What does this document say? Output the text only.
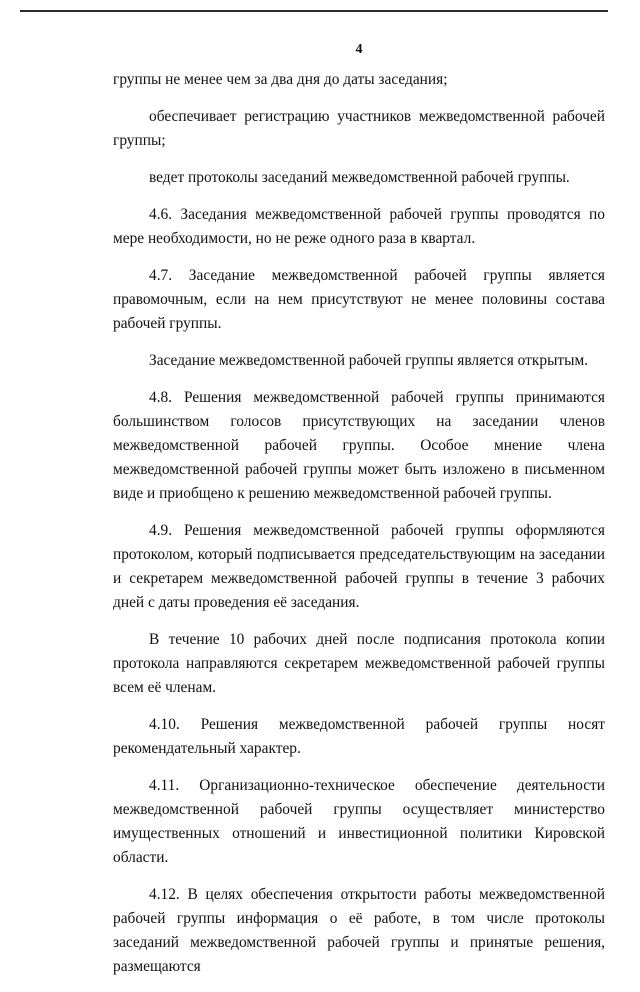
4

группы не менее чем за два дня до даты заседания;

обеспечивает регистрацию участников межведомственной рабочей группы;

ведет протоколы заседаний межведомственной рабочей группы.

4.6. Заседания межведомственной рабочей группы проводятся по мере необходимости, но не реже одного раза в квартал.

4.7. Заседание межведомственной рабочей группы является правомочным, если на нем присутствуют не менее половины состава рабочей группы.

Заседание межведомственной рабочей группы является открытым.

4.8. Решения межведомственной рабочей группы принимаются большинством голосов присутствующих на заседании членов межведомственной рабочей группы. Особое мнение члена межведомственной рабочей группы может быть изложено в письменном виде и приобщено к решению межведомственной рабочей группы.

4.9. Решения межведомственной рабочей группы оформляются протоколом, который подписывается председательствующим на заседании и секретарем межведомственной рабочей группы в течение 3 рабочих дней с даты проведения её заседания.

В течение 10 рабочих дней после подписания протокола копии протокола направляются секретарем межведомственной рабочей группы всем её членам.

4.10. Решения межведомственной рабочей группы носят рекомендательный характер.

4.11. Организационно-техническое обеспечение деятельности межведомственной рабочей группы осуществляет министерство имущественных отношений и инвестиционной политики Кировской области.

4.12. В целях обеспечения открытости работы межведомственной рабочей группы информация о её работе, в том числе протоколы заседаний межведомственной рабочей группы и принятые решения, размещаются
